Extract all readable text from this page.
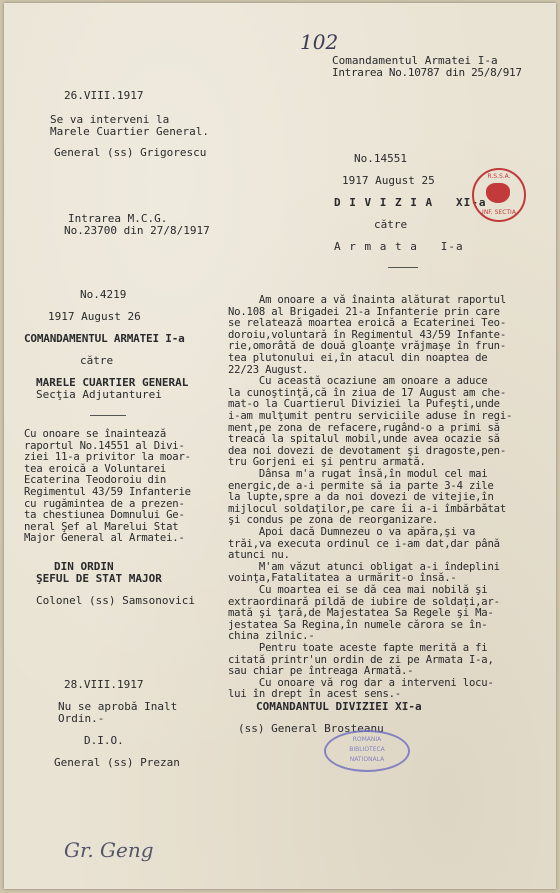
102
Comandamentul Armatei I-a
Intrarea No.10787 din 25/8/917
26.VIII.1917
Se va interveni la
Marele Cuartier General.
General (ss) Grigorescu
Intrarea M.C.G.
No.23700 din 27/8/1917
No.14551
1917 August 25
D I V I Z I A   XI-a
către
A r m a t a   I-a
R.S.S.A.
INF. SECTIA
No.4219
1917 August 26
COMANDAMENTUL ARMATEI I-a
către
MARELE CUARTIER GENERAL
Secţia Adjutanturei
Cu onoare se înaintează
raportul No.14551 al Divi-
ziei 11-a privitor la moar-
tea eroică a Voluntarei
Ecaterina Teodoroiu din
Regimentul 43/59 Infanterie
cu rugămintea de a prezen-
ta chestiunea Domnului Ge-
neral Şef al Marelui Stat
Major General al Armatei.-
DIN ORDIN
ŞEFUL DE STAT MAJOR
Colonel (ss) Samsonovici
Am onoare a vă înainta alăturat raportul
No.108 al Brigadei 21-a Infanterie prin care
se relatează moartea eroică a Ecaterinei Teo-
doroiu,voluntară în Regimentul 43/59 Infante-
rie,omorâtă de două gloanţe vrăjmaşe în frun-
tea plutonului ei,în atacul din noaptea de
22/23 August.
Cu această ocaziune am onoare a aduce
la cunoştinţă,că în ziua de 17 August am che-
mat-o la Cuartierul Diviziei la Pufeşti,unde
i-am mulţumit pentru serviciile aduse în regi-
ment,pe zona de refacere,rugând-o a primi să
treacă la spitalul mobil,unde avea ocazie să
dea noi dovezi de devotament şi dragoste,pen-
tru Gorjeni ei şi pentru armată.
Dânsa m'a rugat însă,în modul cel mai
energic,de a-i permite să ia parte 3-4 zile
la lupte,spre a da noi dovezi de vitejie,în
mijlocul soldaţilor,pe care îi a-i îmbărbătat
şi condus pe zona de reorganizare.
Apoi dacă Dumnezeu o va apăra,şi va
trăi,va executa ordinul ce i-am dat,dar până
atunci nu.
M'am văzut atunci obligat a-i îndeplini
voinţa,Fatalitatea a urmărit-o însă.-
Cu moartea ei se dă cea mai nobilă şi
extraordinară pildă de iubire de soldaţi,ar-
mată şi ţară,de Majestatea Sa Regele şi Ma-
jestatea Sa Regina,în numele cărora se în-
china zilnic.-
Pentru toate aceste fapte merită a fi
citată printr'un ordin de zi pe Armata I-a,
sau chiar pe întreaga Armată.-
Cu onoare vă rog dar a interveni locu-
lui în drept în acest sens.-
COMANDANTUL DIVIZIEI XI-a
(ss) General Brosteanu
ROMANIA
BIBLIOTECA
NATIONALA
28.VIII.1917
Nu se aprobă Inalt
Ordin.-
D.I.O.
General (ss) Prezan
Gr. Geng
